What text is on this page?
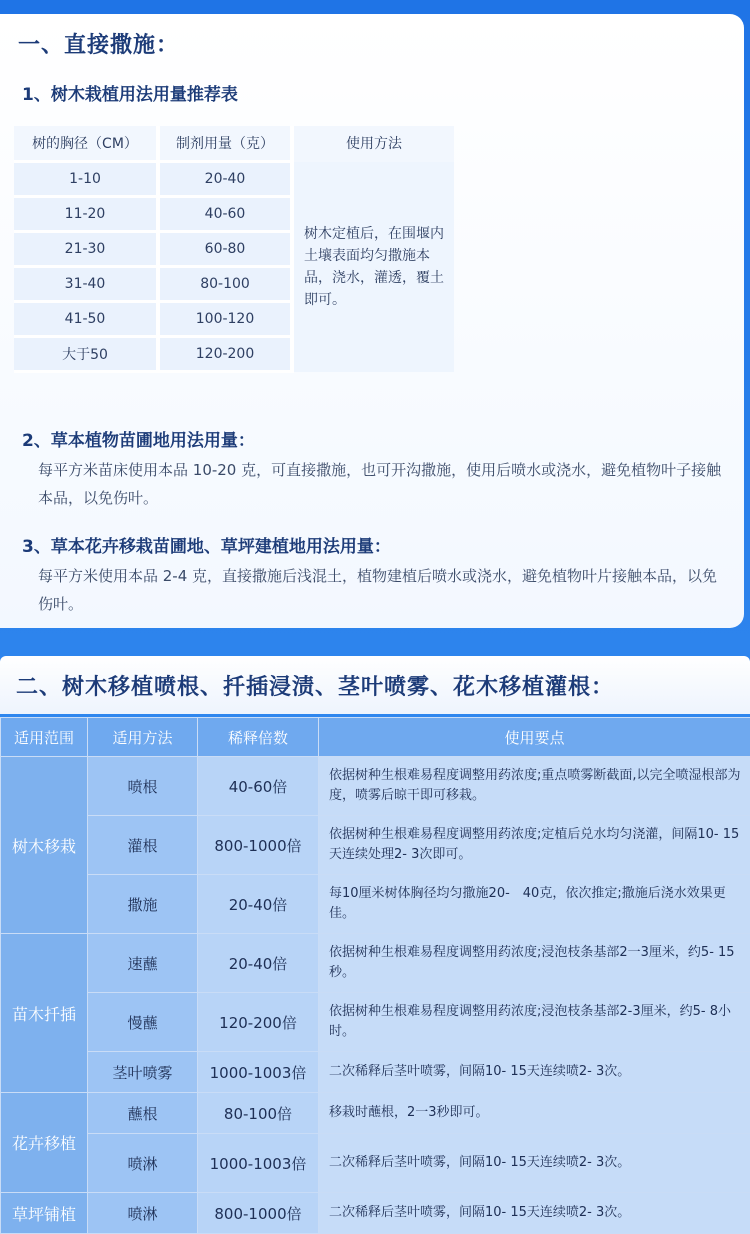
一、直接撒施：
1、树木栽植用法用量推荐表
树的胸径（CM）	制剂用量（克）	使用方法
1-10	20-40	树木定植后，在围堰内土壤表面均匀撒施本品，浇水，灌透，覆土即可。
11-20	40-60	
21-30	60-80	
31-40	80-100	
41-50	100-120	
大于50	120-200	
2、草本植物苗圃地用法用量：
每平方米苗床使用本品 10-20 克，可直接撒施，也可开沟撒施，使用后喷水或浇水，避免植物叶子接触本品，以免伤叶。
3、草本花卉移栽苗圃地、草坪建植地用法用量：
每平方米使用本品 2-4 克，直接撒施后浅混土，植物建植后喷水或浇水，避免植物叶片接触本品，以免伤叶。
二、树木移植喷根、扦插浸渍、茎叶喷雾、花木移植灌根：
适用范围	适用方法	稀释倍数	使用要点
树木移栽	喷根	40-60倍	依据树种生根难易程度调整用药浓度;重点喷雾断截面,以完全喷湿根部为度，喷雾后晾干即可移栽。
	灌根	800-1000倍	依据树种生根难易程度调整用药浓度;定植后兑水均匀浇灌，间隔10- 15天连续处理2- 3次即可。
	撒施	20-40倍	每10厘米树体胸径均匀撒施20-　40克，依次推定;撒施后浇水效果更佳。
苗木扦插	速蘸	20-40倍	依据树种生根难易程度调整用药浓度;浸泡枝条基部2一3厘米，约5- 15秒。
	慢蘸	120-200倍	依据树种生根难易程度调整用药浓度;浸泡枝条基部2-3厘米，约5- 8小时。
	茎叶喷雾	1000-1003倍	二次稀释后茎叶喷雾，间隔10- 15天连续喷2- 3次。
花卉移植	蘸根	80-100倍	移栽时蘸根，2一3秒即可。
	喷淋	1000-1003倍	二次稀释后茎叶喷雾，间隔10- 15天连续喷2- 3次。
草坪铺植	喷淋	800-1000倍	二次稀释后茎叶喷雾，间隔10- 15天连续喷2- 3次。
